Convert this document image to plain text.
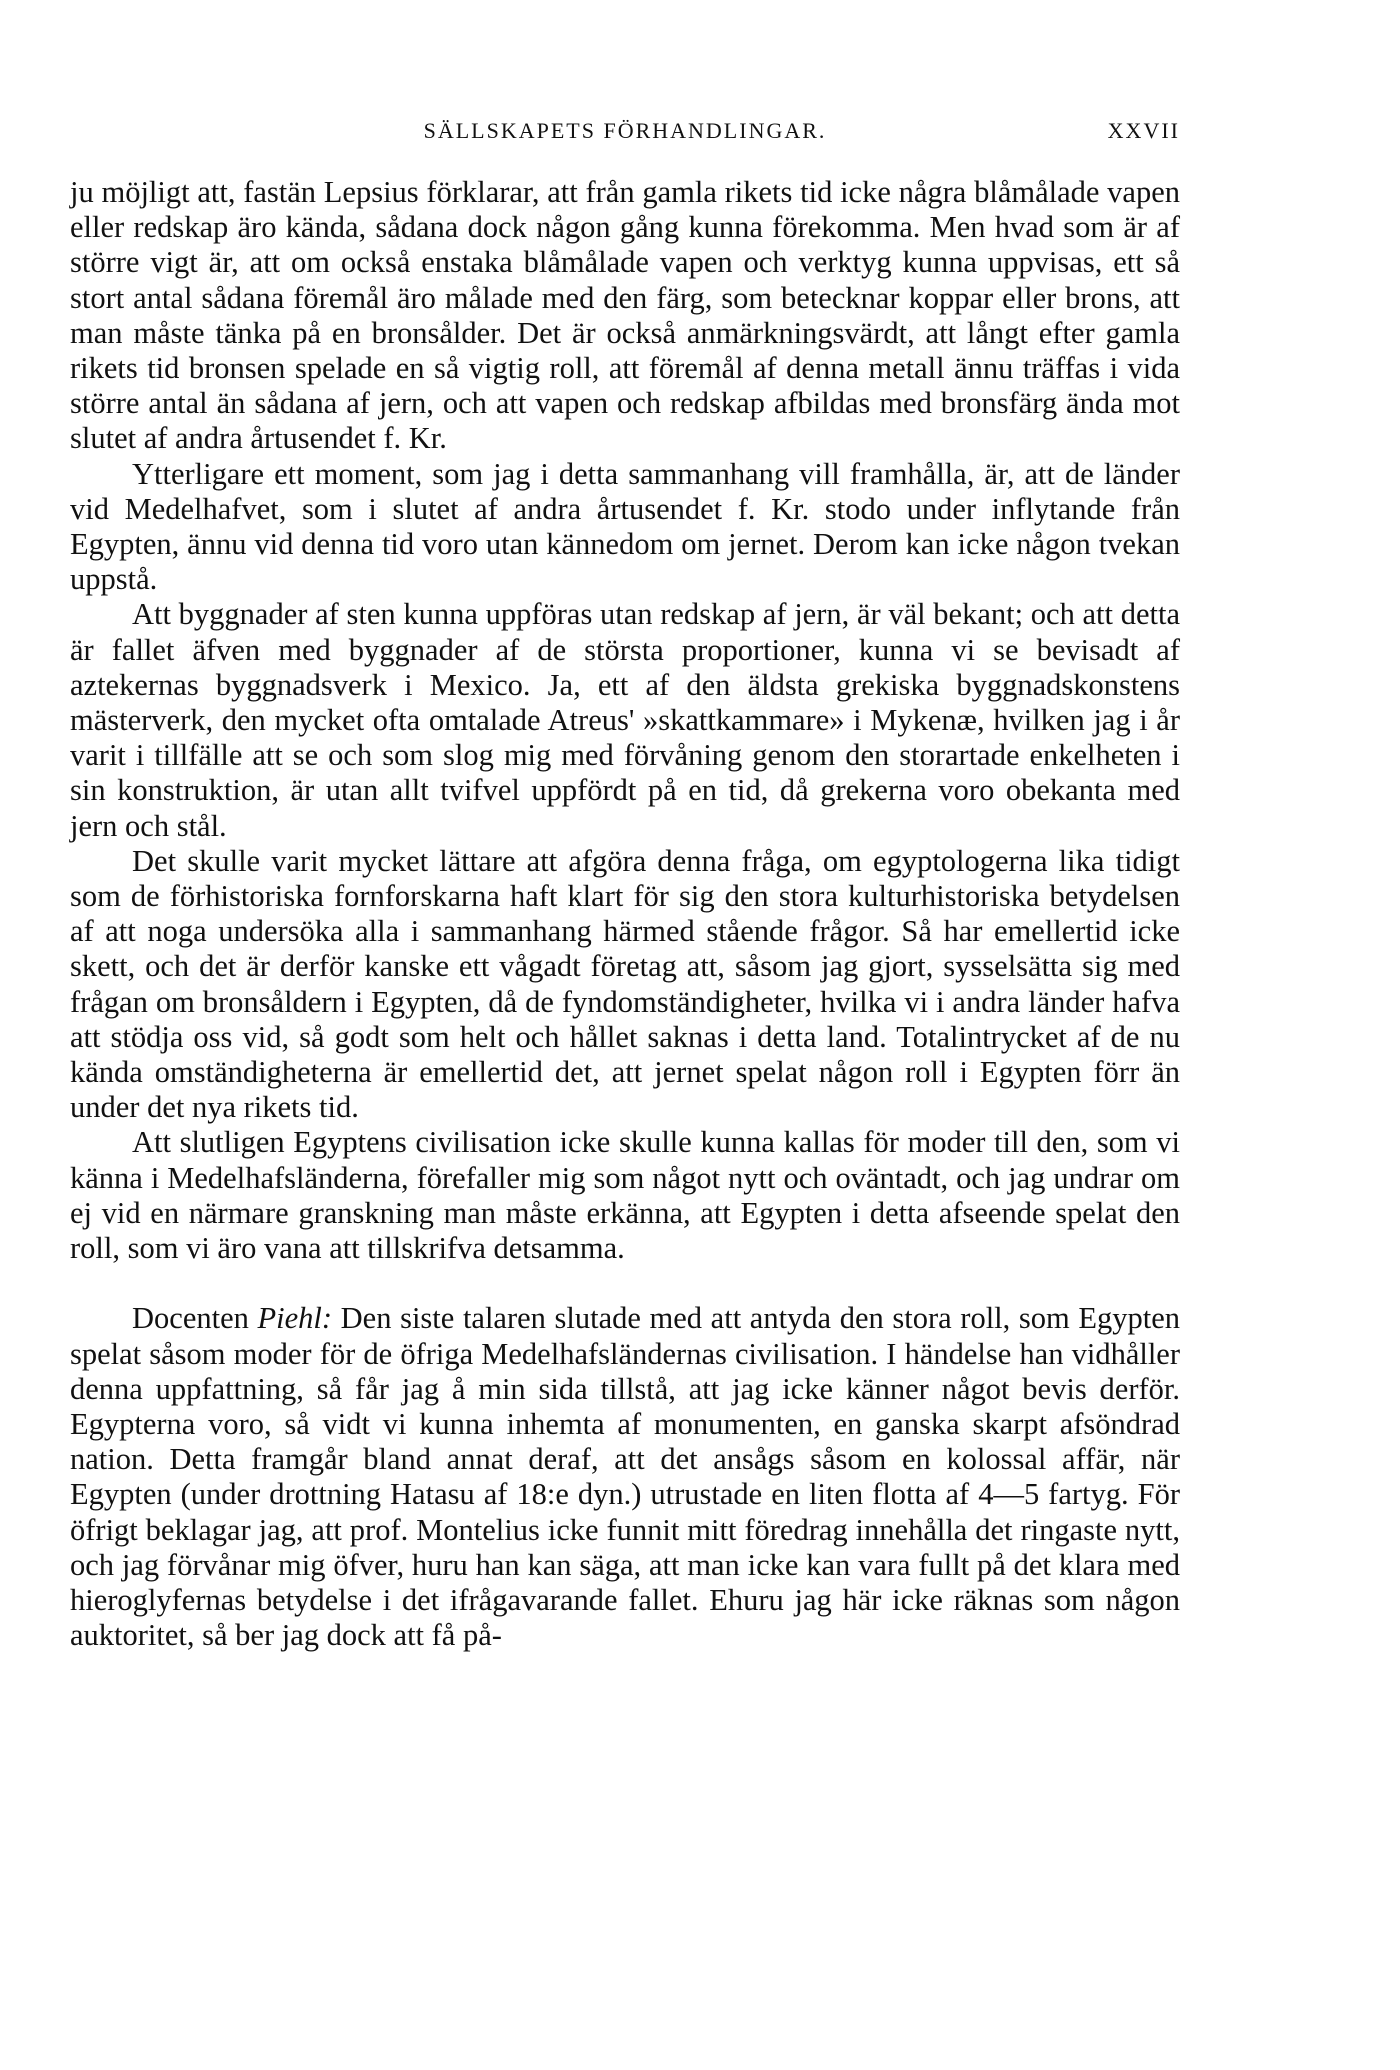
SÄLLSKAPETS FÖRHANDLINGAR.	XXVII

ju möjligt att, fastän Lepsius förklarar, att från gamla rikets tid icke några blåmålade vapen eller redskap äro kända, sådana dock någon gång kunna förekomma. Men hvad som är af större vigt är, att om också enstaka blåmålade vapen och verktyg kunna uppvisas, ett så stort antal sådana föremål äro målade med den färg, som betecknar koppar eller brons, att man måste tänka på en bronsålder. Det är också anmärkningsvärdt, att långt efter gamla rikets tid bronsen spelade en så vigtig roll, att föremål af denna metall ännu träffas i vida större antal än sådana af jern, och att vapen och redskap afbildas med bronsfärg ända mot slutet af andra årtusendet f. Kr.

Ytterligare ett moment, som jag i detta sammanhang vill framhålla, är, att de länder vid Medelhafvet, som i slutet af andra årtusendet f. Kr. stodo under inflytande från Egypten, ännu vid denna tid voro utan kännedom om jernet. Derom kan icke någon tvekan uppstå.

Att byggnader af sten kunna uppföras utan redskap af jern, är väl bekant; och att detta är fallet äfven med byggnader af de största proportioner, kunna vi se bevisadt af aztekernas byggnadsverk i Mexico. Ja, ett af den äldsta grekiska byggnadskonstens mästerverk, den mycket ofta omtalade Atreus' »skattkammare» i Mykenæ, hvilken jag i år varit i tillfälle att se och som slog mig med förvåning genom den storartade enkelheten i sin konstruktion, är utan allt tvifvel uppfördt på en tid, då grekerna voro obekanta med jern och stål.

Det skulle varit mycket lättare att afgöra denna fråga, om egyptologerna lika tidigt som de förhistoriska fornforskarna haft klart för sig den stora kulturhistoriska betydelsen af att noga undersöka alla i sammanhang härmed stående frågor. Så har emellertid icke skett, och det är derför kanske ett vågadt företag att, såsom jag gjort, sysselsätta sig med frågan om bronsåldern i Egypten, då de fyndomständigheter, hvilka vi i andra länder hafva att stödja oss vid, så godt som helt och hållet saknas i detta land. Totalintrycket af de nu kända omständigheterna är emellertid det, att jernet spelat någon roll i Egypten förr än under det nya rikets tid.

Att slutligen Egyptens civilisation icke skulle kunna kallas för moder till den, som vi känna i Medelhafsländerna, förefaller mig som något nytt och oväntadt, och jag undrar om ej vid en närmare granskning man måste erkänna, att Egypten i detta afseende spelat den roll, som vi äro vana att tillskrifva detsamma.

Docenten Piehl: Den siste talaren slutade med att antyda den stora roll, som Egypten spelat såsom moder för de öfriga Medelhafsländernas civilisation. I händelse han vidhåller denna uppfattning, så får jag å min sida tillstå, att jag icke känner något bevis derför. Egypterna voro, så vidt vi kunna inhemta af monumenten, en ganska skarpt afsöndrad nation. Detta framgår bland annat deraf, att det ansågs såsom en kolossal affär, när Egypten (under drottning Hatasu af 18:e dyn.) utrustade en liten flotta af 4—5 fartyg. För öfrigt beklagar jag, att prof. Montelius icke funnit mitt föredrag innehålla det ringaste nytt, och jag förvånar mig öfver, huru han kan säga, att man icke kan vara fullt på det klara med hieroglyfernas betydelse i det ifrågavarande fallet. Ehuru jag här icke räknas som någon auktoritet, så ber jag dock att få på-
